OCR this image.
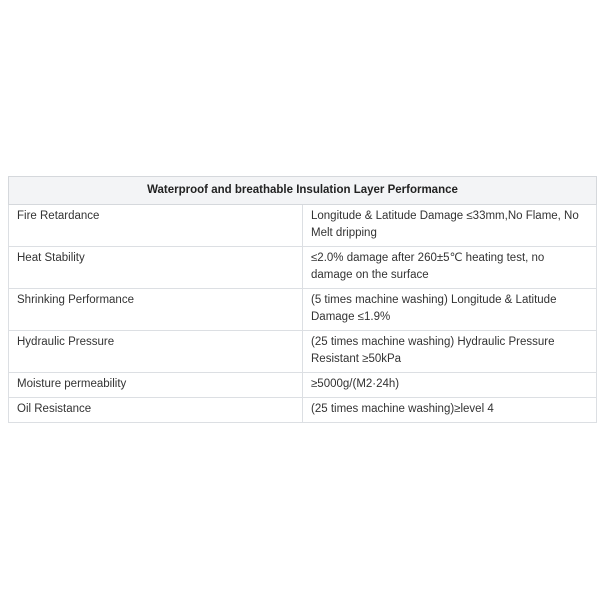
Waterproof and breathable Insulation Layer Performance	
Fire Retardance	Longitude & Latitude Damage ≤33mm,No Flame, No Melt dripping
Heat Stability	≤2.0% damage after 260±5℃ heating test, no damage on the surface
Shrinking Performance	(5 times machine washing) Longitude & Latitude Damage ≤1.9%
Hydraulic Pressure	(25 times machine washing) Hydraulic Pressure Resistant ≥50kPa
Moisture permeability	≥5000g/(M2·24h)
Oil Resistance	(25 times machine washing)≥level 4
